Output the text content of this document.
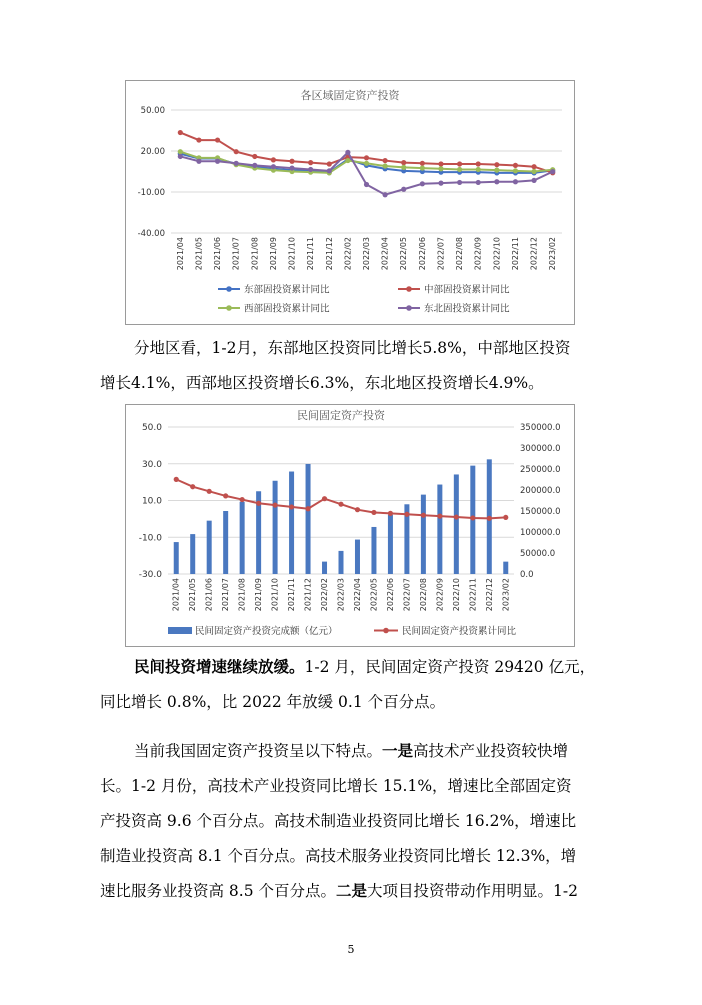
各区域固定资产投资
50.00
20.00
-10.00
-40.00
2021/04 2021/05 2021/06 2021/07 2021/08 2021/09 2021/10 2021/11 2021/12 2022/02 2022/03 2022/04 2022/05 2022/06 2022/07 2022/08 2022/09 2022/10 2022/11 2022/12 2023/02
东部固投资累计同比	中部固投资累计同比
西部固投资累计同比	东北固投资累计同比
分地区看，1-2月，东部地区投资同比增长5.8%，中部地区投资
增长4.1%，西部地区投资增长6.3%，东北地区投资增长4.9%。
民间固定资产投资
50.0
30.0
10.0
-10.0
-30.0
350000.0
300000.0
250000.0
200000.0
150000.0
100000.0
50000.0
0.0
2021/04 2021/05 2021/06 2021/07 2021/08 2021/09 2021/10 2021/11 2021/12 2022/02 2022/03 2022/04 2022/05 2022/06 2022/07 2022/08 2022/09 2022/10 2022/11 2022/12 2023/02
民间固定资产投资完成额（亿元）	民间固定资产投资累计同比
民间投资增速继续放缓。1-2 月，民间固定资产投资 29420 亿元，
同比增长 0.8%，比 2022 年放缓 0.1 个百分点。
当前我国固定资产投资呈以下特点。一是高技术产业投资较快增
长。1-2 月份，高技术产业投资同比增长 15.1%，增速比全部固定资
产投资高 9.6 个百分点。高技术制造业投资同比增长 16.2%，增速比
制造业投资高 8.1 个百分点。高技术服务业投资同比增长 12.3%，增
速比服务业投资高 8.5 个百分点。二是大项目投资带动作用明显。1-2
5
